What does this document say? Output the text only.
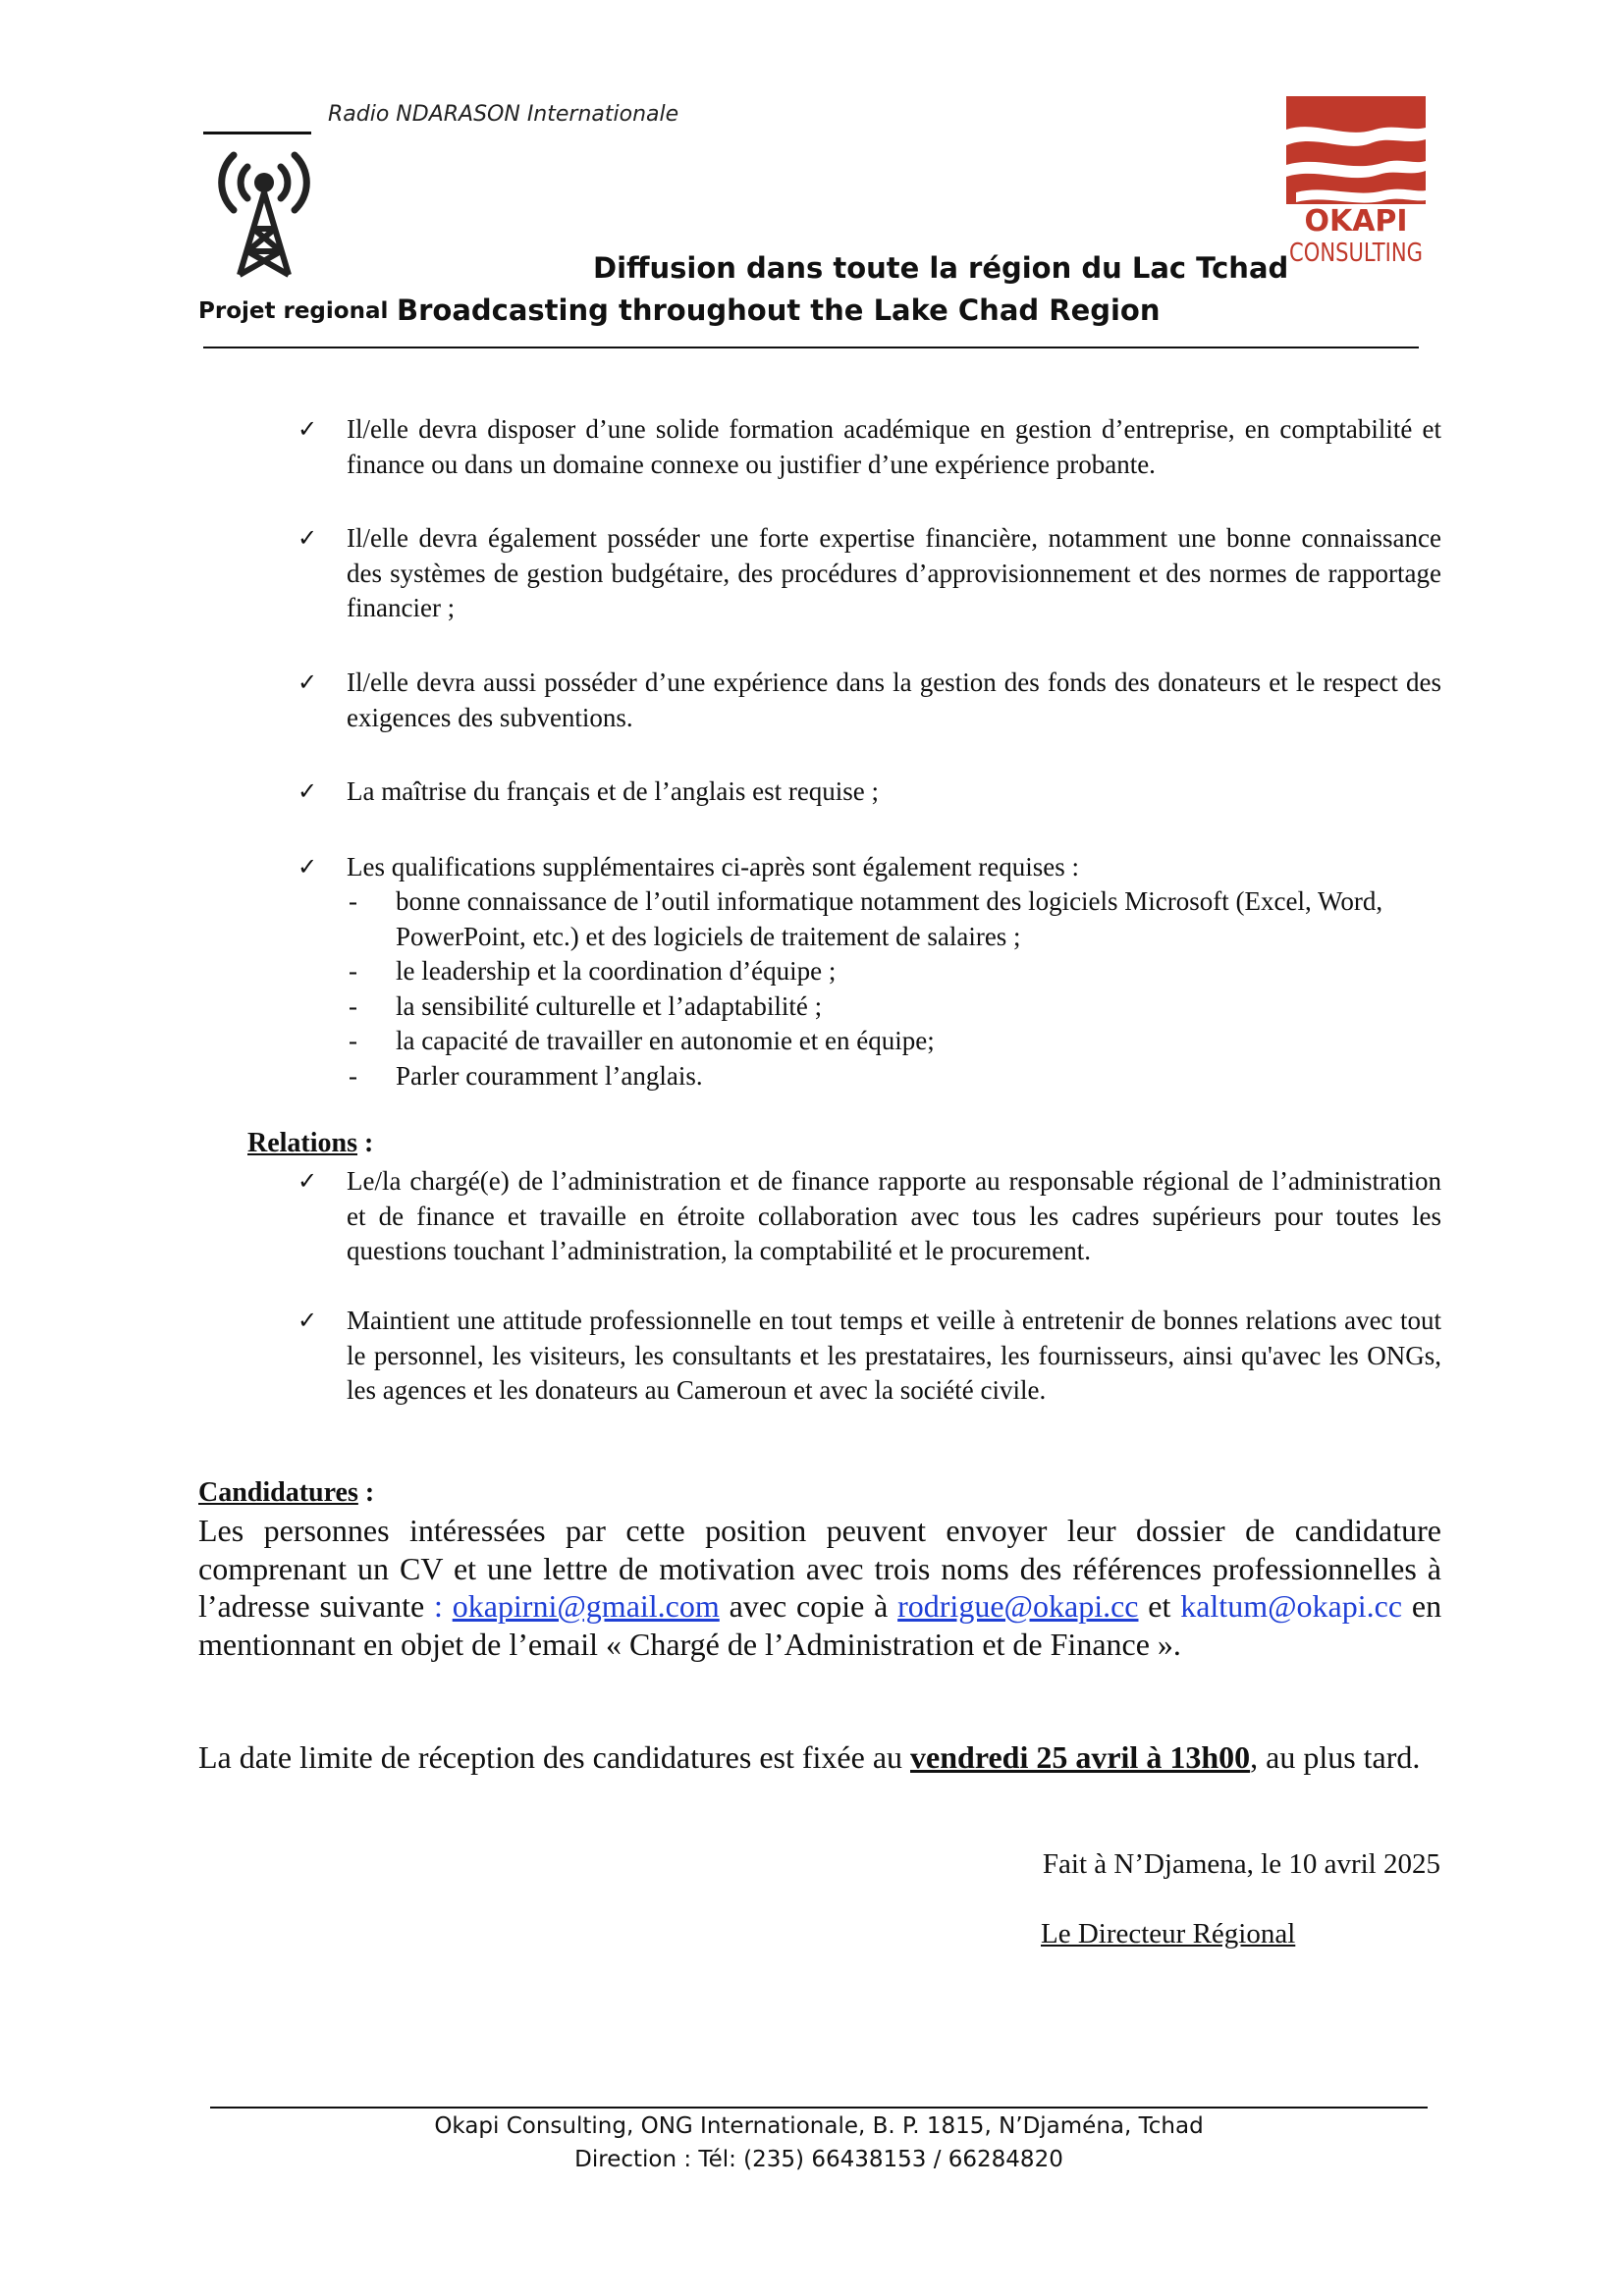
Radio NDARASON Internationale
OKAPI
CONSULTING
Diffusion dans toute la région du Lac Tchad
Projet regional Broadcasting throughout the Lake Chad Region
✓	Il/elle devra disposer d’une solide formation académique en gestion d’entreprise, en comptabilité et finance ou dans un domaine connexe ou justifier d’une expérience probante.
✓	Il/elle devra également posséder une forte expertise financière, notamment une bonne connaissance des systèmes de gestion budgétaire, des procédures d’approvisionnement et des normes de rapportage financier ;
✓	Il/elle devra aussi posséder d’une expérience dans la gestion des fonds des donateurs et le respect des exigences des subventions.
✓	La maîtrise du français et de l’anglais est requise ;
✓	Les qualifications supplémentaires ci-après sont également requises :
- bonne connaissance de l’outil informatique notamment des logiciels Microsoft (Excel, Word, PowerPoint, etc.) et des logiciels de traitement de salaires ;
- le leadership et la coordination d’équipe ;
- la sensibilité culturelle et l’adaptabilité ;
- la capacité de travailler en autonomie et en équipe;
- Parler couramment l’anglais.
Relations :
✓	Le/la chargé(e) de l’administration et de finance rapporte au responsable régional de l’administration et de finance et travaille en étroite collaboration avec tous les cadres supérieurs pour toutes les questions touchant l’administration, la comptabilité et le procurement.
✓	Maintient une attitude professionnelle en tout temps et veille à entretenir de bonnes relations avec tout le personnel, les visiteurs, les consultants et les prestataires, les fournisseurs, ainsi qu'avec les ONGs, les agences et les donateurs au Cameroun et avec la société civile.
Candidatures :
Les personnes intéressées par cette position peuvent envoyer leur dossier de candidature comprenant un CV et une lettre de motivation avec trois noms des références professionnelles à l’adresse suivante : okapirni@gmail.com avec copie à rodrigue@okapi.cc et kaltum@okapi.cc en mentionnant en objet de l’email « Chargé de l’Administration et de Finance ».
La date limite de réception des candidatures est fixée au vendredi 25 avril à 13h00, au plus tard.
Fait à N’Djamena, le 10 avril 2025
Le Directeur Régional
Okapi Consulting, ONG Internationale, B. P. 1815, N’Djaména, Tchad
Direction : Tél: (235) 66438153 / 66284820
